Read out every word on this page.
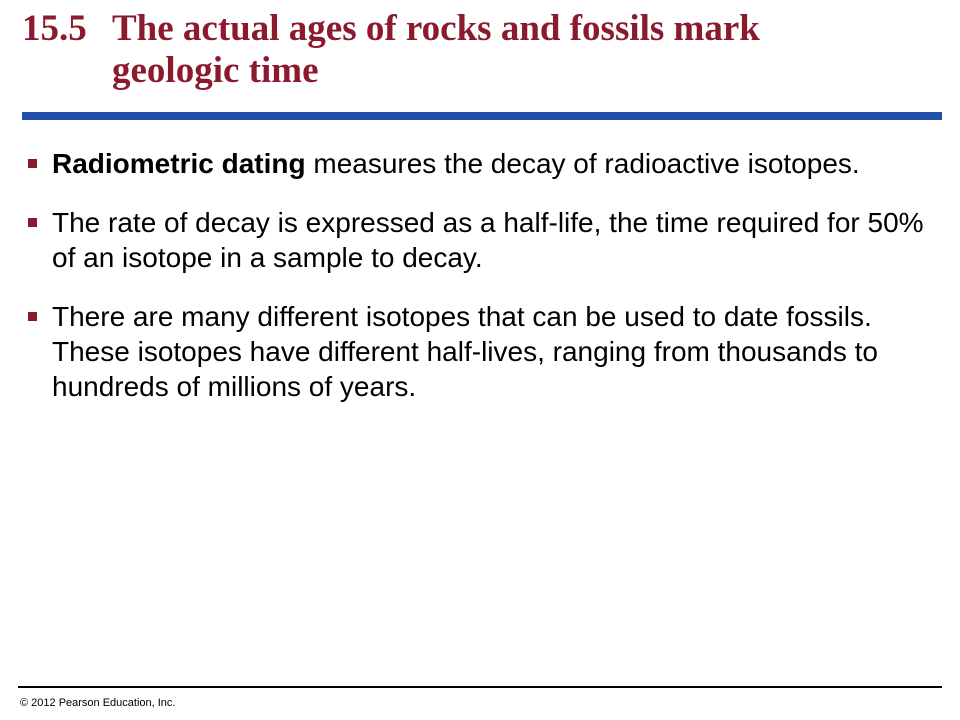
15.5 The actual ages of rocks and fossils mark
geologic time
Radiometric dating measures the decay of radioactive isotopes.
The rate of decay is expressed as a half-life, the time required for 50% of an isotope in a sample to decay.
There are many different isotopes that can be used to date fossils. These isotopes have different half-lives, ranging from thousands to hundreds of millions of years.
© 2012 Pearson Education, Inc.
